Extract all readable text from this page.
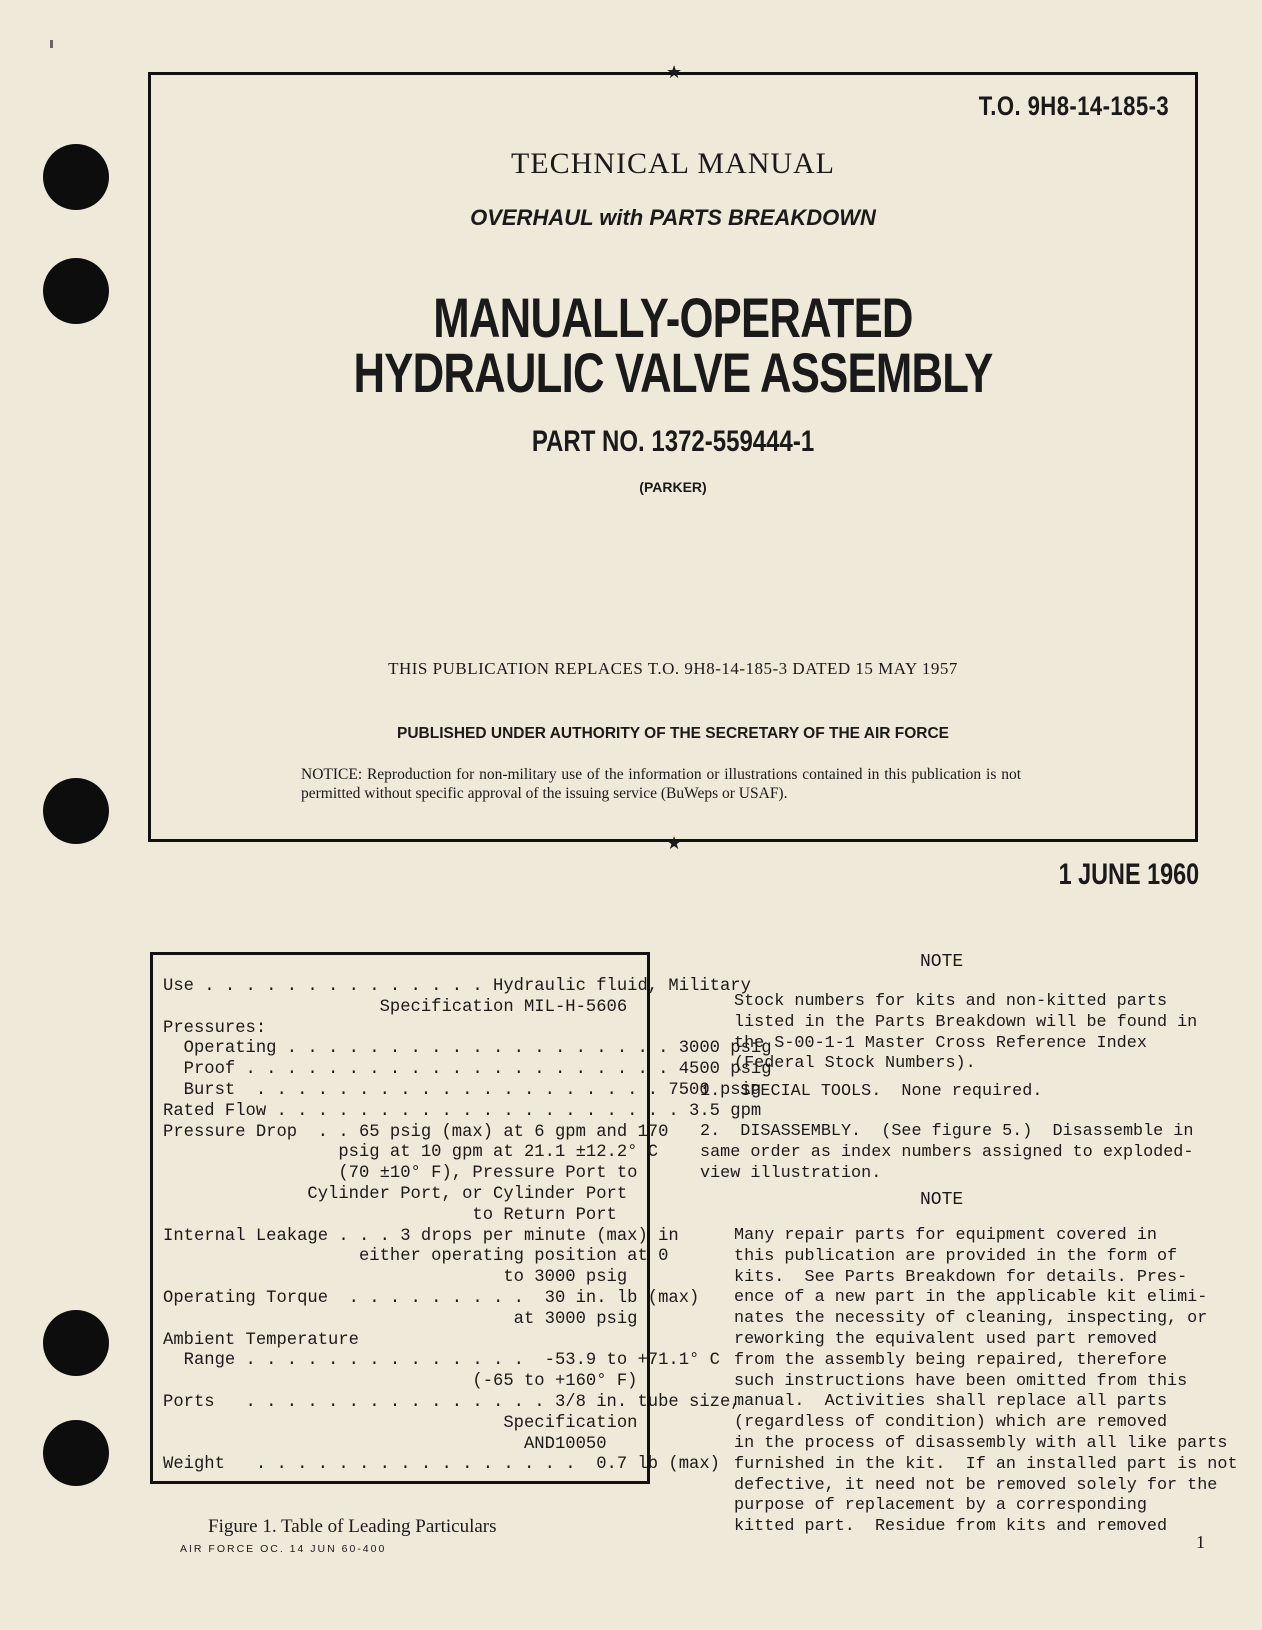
★
★
T.O. 9H8-14-185-3
TECHNICAL MANUAL
OVERHAUL with PARTS BREAKDOWN
MANUALLY-OPERATED
HYDRAULIC VALVE ASSEMBLY
PART NO. 1372-559444-1
(PARKER)
THIS PUBLICATION REPLACES T.O. 9H8-14-185-3 DATED 15 MAY 1957
PUBLISHED UNDER AUTHORITY OF THE SECRETARY OF THE AIR FORCE
NOTICE: Reproduction for non-military use of the information or illustrations contained in this publication is not permitted without specific approval of the issuing service (BuWeps or USAF).
1 JUNE 1960
Use . . . . . . . . . . . . . . Hydraulic fluid, Military
Specification MIL-H-5606
Pressures:
Operating . . . . . . . . . . . . . . . . . . . 3000 psig
Proof . . . . . . . . . . . . . . . . . . . . . 4500 psig
Burst  . . . . . . . . . . . . . . . . . . . . 7500 psig
Rated Flow . . . . . . . . . . . . . . . . . . . . 3.5 gpm
Pressure Drop  . . 65 psig (max) at 6 gpm and 170
psig at 10 gpm at 21.1 ±12.2° C
(70 ±10° F), Pressure Port to
Cylinder Port, or Cylinder Port
to Return Port
Internal Leakage . . . 3 drops per minute (max) in
either operating position at 0
to 3000 psig
Operating Torque  . . . . . . . . .  30 in. lb (max)
at 3000 psig
Ambient Temperature
Range . . . . . . . . . . . . . .  -53.9 to +71.1° C
(-65 to +160° F)
Ports   . . . . . . . . . . . . . . . 3/8 in. tube size,
Specification
AND10050
Weight   . . . . . . . . . . . . . . . .  0.7 lb (max)
Figure 1. Table of Leading Particulars
NOTE
Stock numbers for kits and non-kitted parts
listed in the Parts Breakdown will be found in
the S-00-1-1 Master Cross Reference Index
(Federal Stock Numbers).
1.  SPECIAL TOOLS.  None required.
2.  DISASSEMBLY.  (See figure 5.)  Disassemble in
same order as index numbers assigned to exploded-
view illustration.
NOTE
Many repair parts for equipment covered in
this publication are provided in the form of
kits.  See Parts Breakdown for details. Pres-
ence of a new part in the applicable kit elimi-
nates the necessity of cleaning, inspecting, or
reworking the equivalent used part removed
from the assembly being repaired, therefore
such instructions have been omitted from this
manual.  Activities shall replace all parts
(regardless of condition) which are removed
in the process of disassembly with all like parts
furnished in the kit.  If an installed part is not
defective, it need not be removed solely for the
purpose of replacement by a corresponding
kitted part.  Residue from kits and removed
AIR FORCE OC. 14 JUN 60-400	1
